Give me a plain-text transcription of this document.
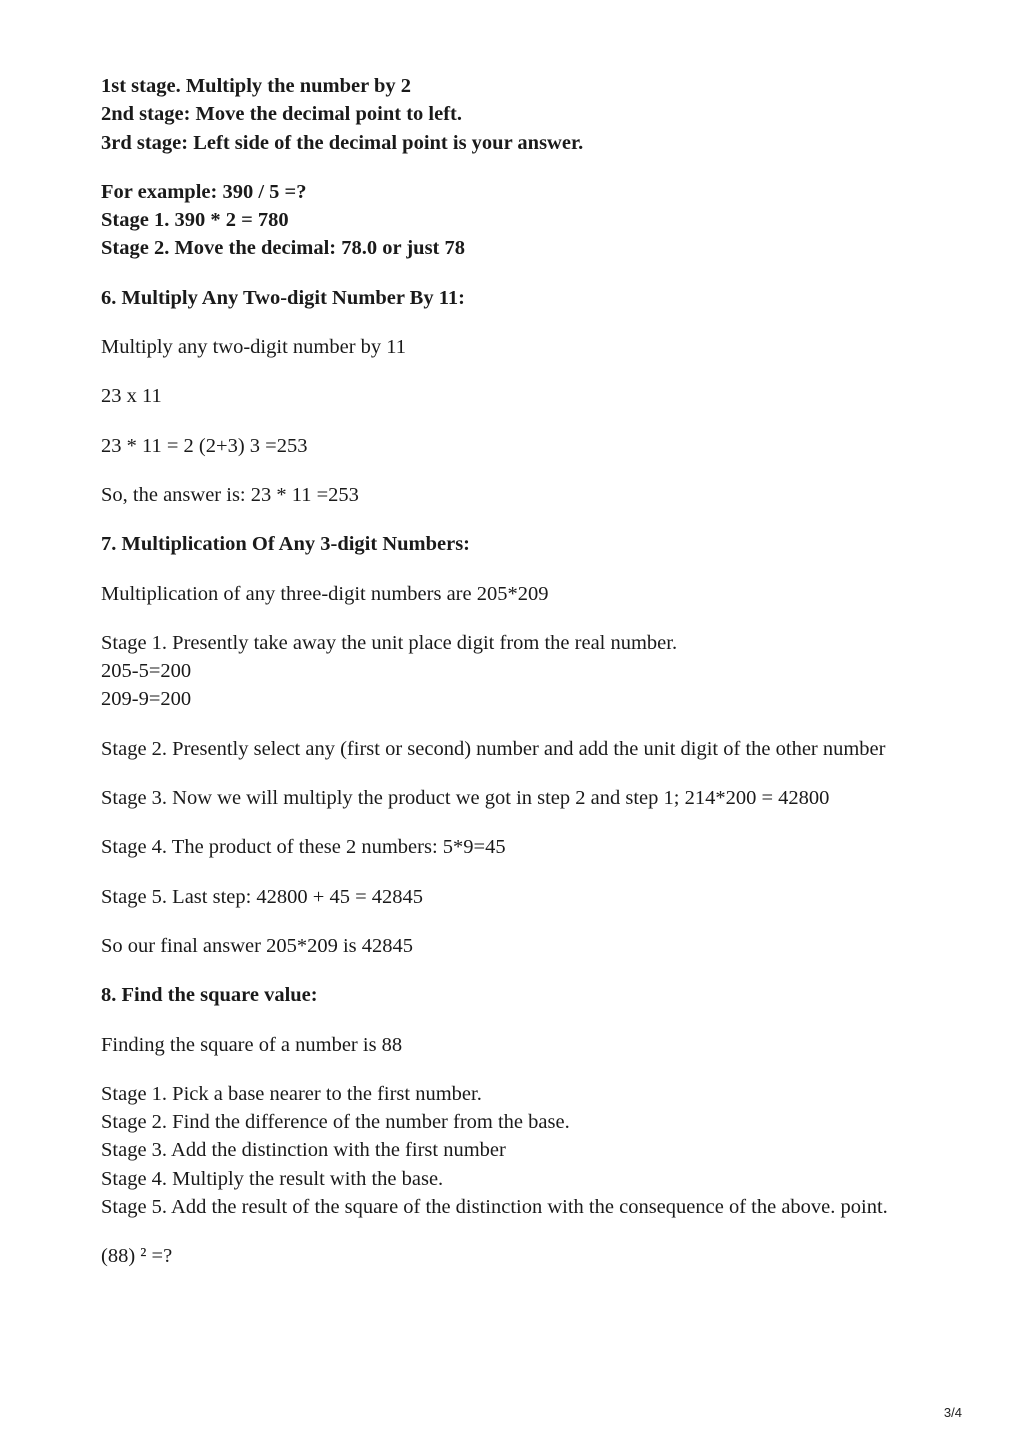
1st stage. Multiply the number by 2
2nd stage: Move the decimal point to left.
3rd stage: Left side of the decimal point is your answer.

For example: 390 / 5 =?
Stage 1. 390 * 2 = 780
Stage 2. Move the decimal: 78.0 or just 78

6. Multiply Any Two-digit Number By 11:

Multiply any two-digit number by 11

23 x 11

23 * 11 = 2 (2+3) 3 =253

So, the answer is: 23 * 11 =253

7. Multiplication Of Any 3-digit Numbers:

Multiplication of any three-digit numbers are 205*209

Stage 1. Presently take away the unit place digit from the real number.
205-5=200
209-9=200

Stage 2. Presently select any (first or second) number and add the unit digit of the other number

Stage 3. Now we will multiply the product we got in step 2 and step 1; 214*200 = 42800

Stage 4. The product of these 2 numbers: 5*9=45

Stage 5. Last step: 42800 + 45 = 42845

So our final answer 205*209 is 42845

8. Find the square value:

Finding the square of a number is 88

Stage 1. Pick a base nearer to the first number.
Stage 2. Find the difference of the number from the base.
Stage 3. Add the distinction with the first number
Stage 4. Multiply the result with the base.
Stage 5. Add the result of the square of the distinction with the consequence of the above. point.

(88) ² =?

3/4
